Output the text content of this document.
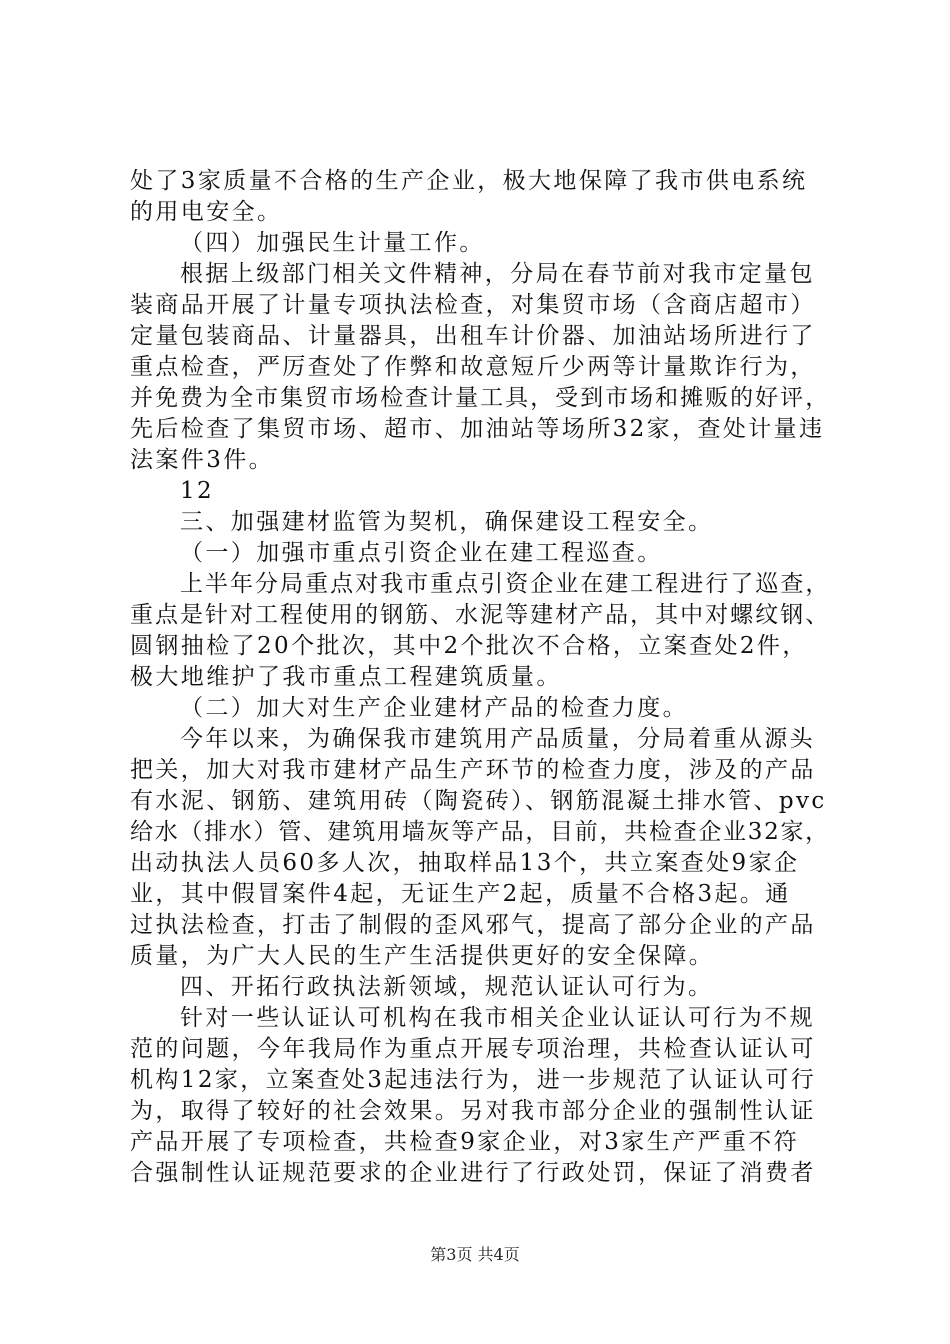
处了3家质量不合格的生产企业，极大地保障了我市供电系统
的用电安全。
（四）加强民生计量工作。
根据上级部门相关文件精神，分局在春节前对我市定量包
装商品开展了计量专项执法检查，对集贸市场（含商店超市）
定量包装商品、计量器具，出租车计价器、加油站场所进行了
重点检查，严厉查处了作弊和故意短斤少两等计量欺诈行为，
并免费为全市集贸市场检查计量工具，受到市场和摊贩的好评，
先后检查了集贸市场、超市、加油站等场所32家，查处计量违
法案件3件。
12
三、加强建材监管为契机，确保建设工程安全。
（一）加强市重点引资企业在建工程巡查。
上半年分局重点对我市重点引资企业在建工程进行了巡查，
重点是针对工程使用的钢筋、水泥等建材产品，其中对螺纹钢、
圆钢抽检了20个批次，其中2个批次不合格，立案查处2件，
极大地维护了我市重点工程建筑质量。
（二）加大对生产企业建材产品的检查力度。
今年以来，为确保我市建筑用产品质量，分局着重从源头
把关，加大对我市建材产品生产环节的检查力度，涉及的产品
有水泥、钢筋、建筑用砖（陶瓷砖）、钢筋混凝土排水管、pvc
给水（排水）管、建筑用墙灰等产品，目前，共检查企业32家，
出动执法人员60多人次，抽取样品13个，共立案查处9家企
业，其中假冒案件4起，无证生产2起，质量不合格3起。通
过执法检查，打击了制假的歪风邪气，提高了部分企业的产品
质量，为广大人民的生产生活提供更好的安全保障。
四、开拓行政执法新领域，规范认证认可行为。
针对一些认证认可机构在我市相关企业认证认可行为不规
范的问题，今年我局作为重点开展专项治理，共检查认证认可
机构12家，立案查处3起违法行为，进一步规范了认证认可行
为，取得了较好的社会效果。另对我市部分企业的强制性认证
产品开展了专项检查，共检查9家企业，对3家生产严重不符
合强制性认证规范要求的企业进行了行政处罚，保证了消费者
第3页 共4页
